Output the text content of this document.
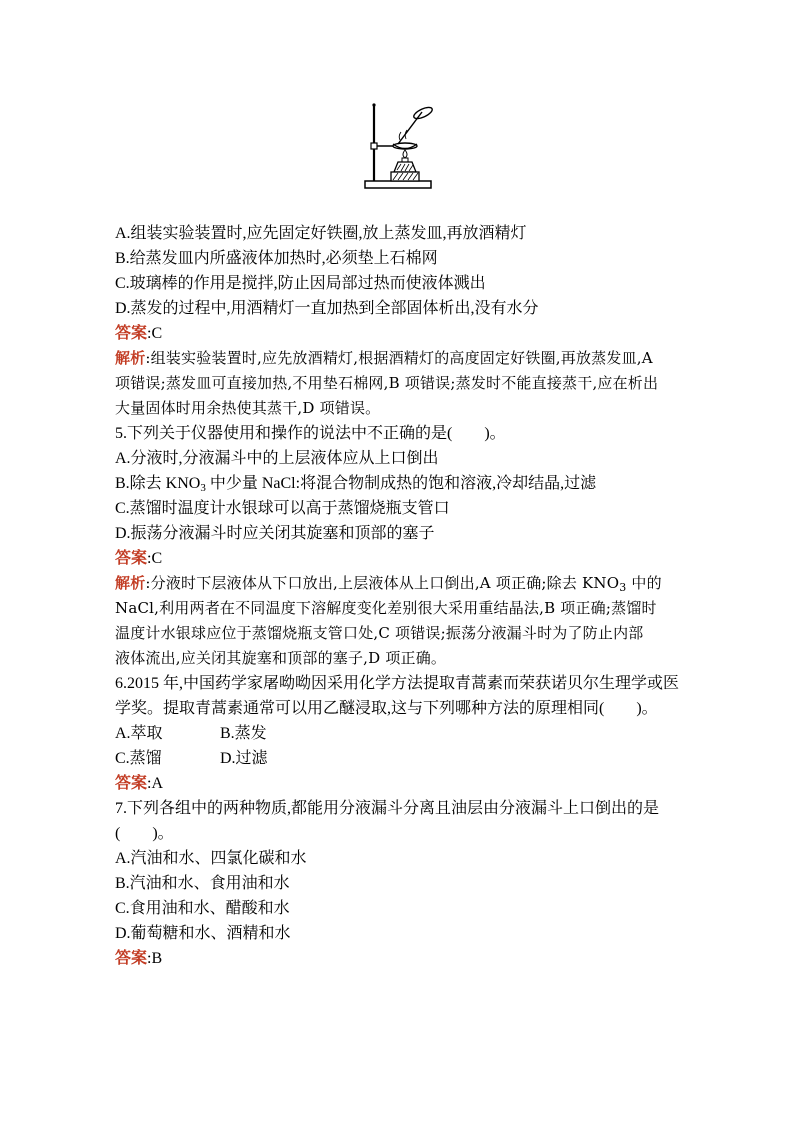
A.组装实验装置时,应先固定好铁圈,放上蒸发皿,再放酒精灯
B.给蒸发皿内所盛液体加热时,必须垫上石棉网
C.玻璃棒的作用是搅拌,防止因局部过热而使液体溅出
D.蒸发的过程中,用酒精灯一直加热到全部固体析出,没有水分
答案:C
解析:组装实验装置时,应先放酒精灯,根据酒精灯的高度固定好铁圈,再放蒸发皿,A
项错误;蒸发皿可直接加热,不用垫石棉网,B 项错误;蒸发时不能直接蒸干,应在析出
大量固体时用余热使其蒸干,D 项错误。
5.下列关于仪器使用和操作的说法中不正确的是(　　)。
A.分液时,分液漏斗中的上层液体应从上口倒出
B.除去 $KNO_3$ 中少量 NaCl:将混合物制成热的饱和溶液,冷却结晶,过滤
C.蒸馏时温度计水银球可以高于蒸馏烧瓶支管口
D.振荡分液漏斗时应关闭其旋塞和顶部的塞子
答案:C
解析:分液时下层液体从下口放出,上层液体从上口倒出,A 项正确;除去 $KNO_3$ 中的
NaCl,利用两者在不同温度下溶解度变化差别很大采用重结晶法,B 项正确;蒸馏时
温度计水银球应位于蒸馏烧瓶支管口处,C 项错误;振荡分液漏斗时为了防止内部
液体流出,应关闭其旋塞和顶部的塞子,D 项正确。
6.2015 年,中国药学家屠呦呦因采用化学方法提取青蒿素而荣获诺贝尔生理学或医
学奖。提取青蒿素通常可以用乙醚浸取,这与下列哪种方法的原理相同(　　)。
A.萃取	B.蒸发
C.蒸馏	D.过滤
答案:A
7.下列各组中的两种物质,都能用分液漏斗分离且油层由分液漏斗上口倒出的是
(　　)。
A.汽油和水、四氯化碳和水
B.汽油和水、食用油和水
C.食用油和水、醋酸和水
D.葡萄糖和水、酒精和水
答案:B
